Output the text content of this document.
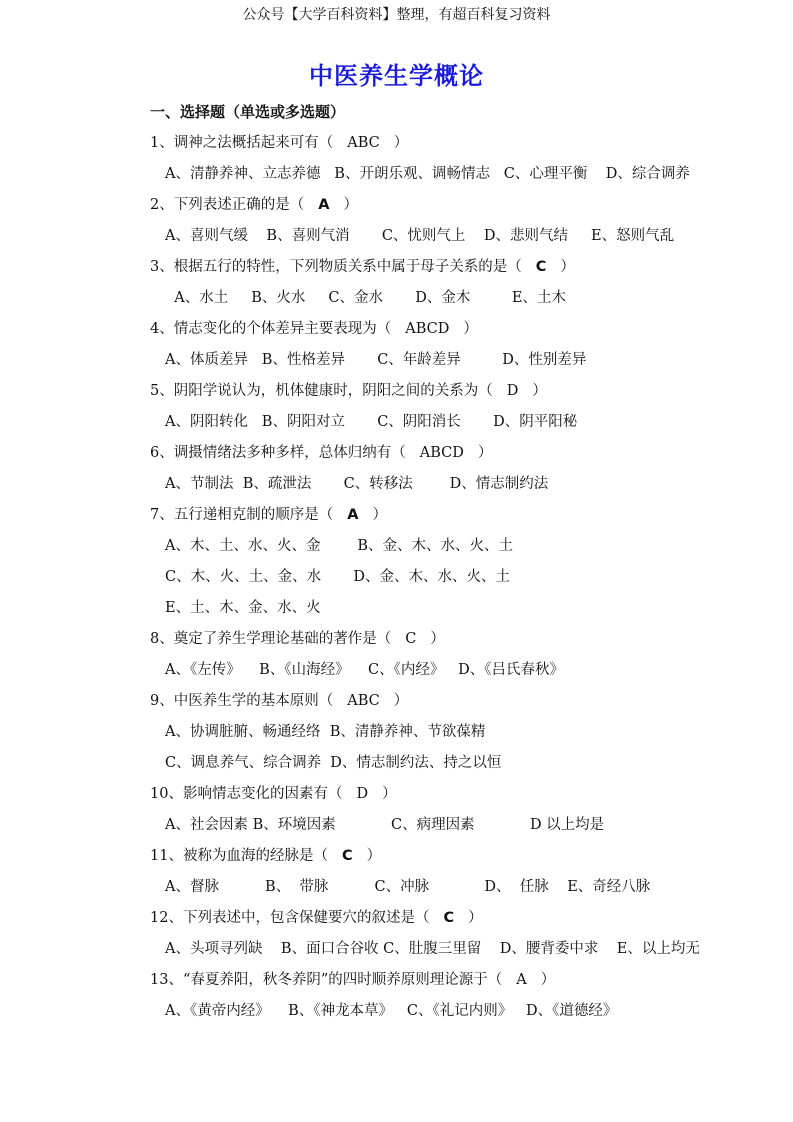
公众号【大学百科资料】整理，有超百科复习资料
中医养生学概论
一、选择题（单选或多选题）
1、调神之法概括起来可有（ ABC ）
A、清静养神、立志养德   B、开朗乐观、调畅情志   C、心理平衡    D、综合调养
2、下列表述正确的是（ A ）
A、喜则气缓    B、喜则气消       C、忧则气上    D、悲则气结     E、怒则气乱
3、根据五行的特性，下列物质关系中属于母子关系的是（ C ）
A、水土     B、火水     C、金水       D、金木         E、土木
4、情志变化的个体差异主要表现为（ ABCD ）
A、体质差异   B、性格差异       C、年龄差异         D、性别差异
5、阴阳学说认为，机体健康时，阴阳之间的关系为（ D ）
A、阴阳转化   B、阴阳对立       C、阴阳消长       D、阴平阳秘
6、调摄情绪法多种多样，总体归纳有（ ABCD ）
A、节制法  B、疏泄法       C、转移法        D、情志制约法
7、五行递相克制的顺序是（ A ）
A、木、土、水、火、金        B、金、木、水、火、土
C、木、火、土、金、水       D、金、木、水、火、土
E、土、木、金、水、火
8、奠定了养生学理论基础的著作是（ C ）
A、《左传》    B、《山海经》    C、《内经》   D、《吕氏春秋》
9、中医养生学的基本原则（ ABC ）
A、协调脏腑、畅通经络  B、清静养神、节欲葆精
C、调息养气、综合调养  D、情志制约法、持之以恒
10、影响情志变化的因素有（ D ）
A、社会因素 B、环境因素            C、病理因素            D 以上均是
11、被称为血海的经脉是（ C ）
A、督脉          B、  带脉          C、冲脉            D、  任脉    E、奇经八脉
12、下列表述中，包含保健要穴的叙述是（ C ）
A、头项寻列缺    B、面口合谷收 C、肚腹三里留    D、腰背委中求    E、以上均无
13、“春夏养阳，秋冬养阴”的四时顺养原则理论源于（ A ）
A、《黄帝内经》    B、《神龙本草》   C、《礼记内则》   D、《道德经》
